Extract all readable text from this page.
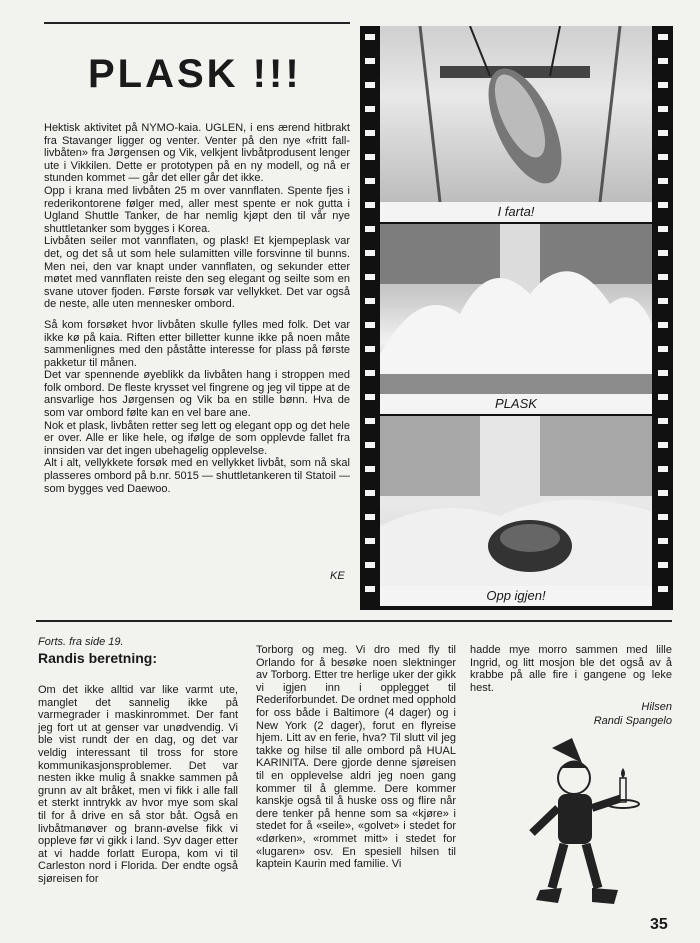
PLASK !!!

Hektisk aktivitet på NYMO-kaia. UGLEN, i ens ærend hitbrakt fra Stavanger ligger og venter. Venter på den nye «fritt fall-livbåten» fra Jørgensen og Vik, velkjent livbåtprodusent lenger ute i Vikkilen. Dette er prototypen på en ny modell, og nå er stunden kommet — går det eller går det ikke.

Opp i krana med livbåten 25 m over vannflaten. Spente fjes i rederikontorene følger med, aller mest spente er nok gutta i Ugland Shuttle Tanker, de har nemlig kjøpt den til vår nye shuttletanker som bygges i Korea.

Livbåten seiler mot vannflaten, og plask! Et kjempeplask var det, og det så ut som hele sulamitten ville forsvinne til bunns. Men nei, den var knapt under vannflaten, og sekunder etter møtet med vannflaten reiste den seg elegant og seilte som en svane utover fjoden. Første forsøk var vellykket. Det var også de neste, alle uten mennesker ombord.

Så kom forsøket hvor livbåten skulle fylles med folk. Det var ikke kø på kaia. Riften etter billetter kunne ikke på noen måte sammenlignes med den påståtte interesse for plass på første pakketur til månen.

Det var spennende øyeblikk da livbåten hang i stroppen med folk ombord. De fleste krysset vel fingrene og jeg vil tippe at de ansvarlige hos Jørgensen og Vik ba en stille bønn. Hva de som var ombord følte kan en vel bare ane.

Nok et plask, livbåten retter seg lett og elegant opp og det hele er over. Alle er like hele, og ifølge de som opplevde fallet fra innsiden var det ingen ubehagelig opplevelse.

Alt i alt, vellykkete forsøk med en vellykket livbåt, som nå skal plasseres ombord på b.nr. 5015 — shuttletankeren til Statoil — som bygges ved Daewoo.

KE
I farta!
PLASK
Opp igjen!
Forts. fra side 19.
Randis beretning:
Om det ikke alltid var like varmt ute, manglet det sannelig ikke på varmegrader i maskinrommet. Der fant jeg fort ut at genser var unødvendig. Vi ble vist rundt der en dag, og det var veldig interessant til tross for store kommunikasjonsproblemer. Det var nesten ikke mulig å snakke sammen på grunn av alt bråket, men vi fikk i alle fall et sterkt inntrykk av hvor mye som skal til for å drive en så stor båt. Også en livbåtmanøver og brann-øvelse fikk vi oppleve før vi gikk i land. Syv dager etter at vi hadde forlatt Europa, kom vi til Carleston nord i Florida. Der endte også sjøreisen for
Torborg og meg. Vi dro med fly til Orlando for å besøke noen slektninger av Torborg. Etter tre herlige uker der gikk vi igjen inn i opplegget til Rederiforbundet. De ordnet med opphold for oss både i Baltimore (4 dager) og i New York (2 dager), forut en flyreise hjem. Litt av en ferie, hva? Til slutt vil jeg takke og hilse til alle ombord på HUAL KARINITA. Dere gjorde denne sjøreisen til en opplevelse aldri jeg noen gang kommer til å glemme. Dere kommer kanskje også til å huske oss og flire når dere tenker på henne som sa «kjøre» i stedet for å «seile», «golvet» i stedet for «dørken», «rommet mitt» i stedet for «lugaren» osv. En spesiell hilsen til kaptein Kaurin med familie. Vi
hadde mye morro sammen med lille Ingrid, og litt mosjon ble det også av å krabbe på alle fire i gangene og leke hest.
Hilsen
Randi Spangelo
35
